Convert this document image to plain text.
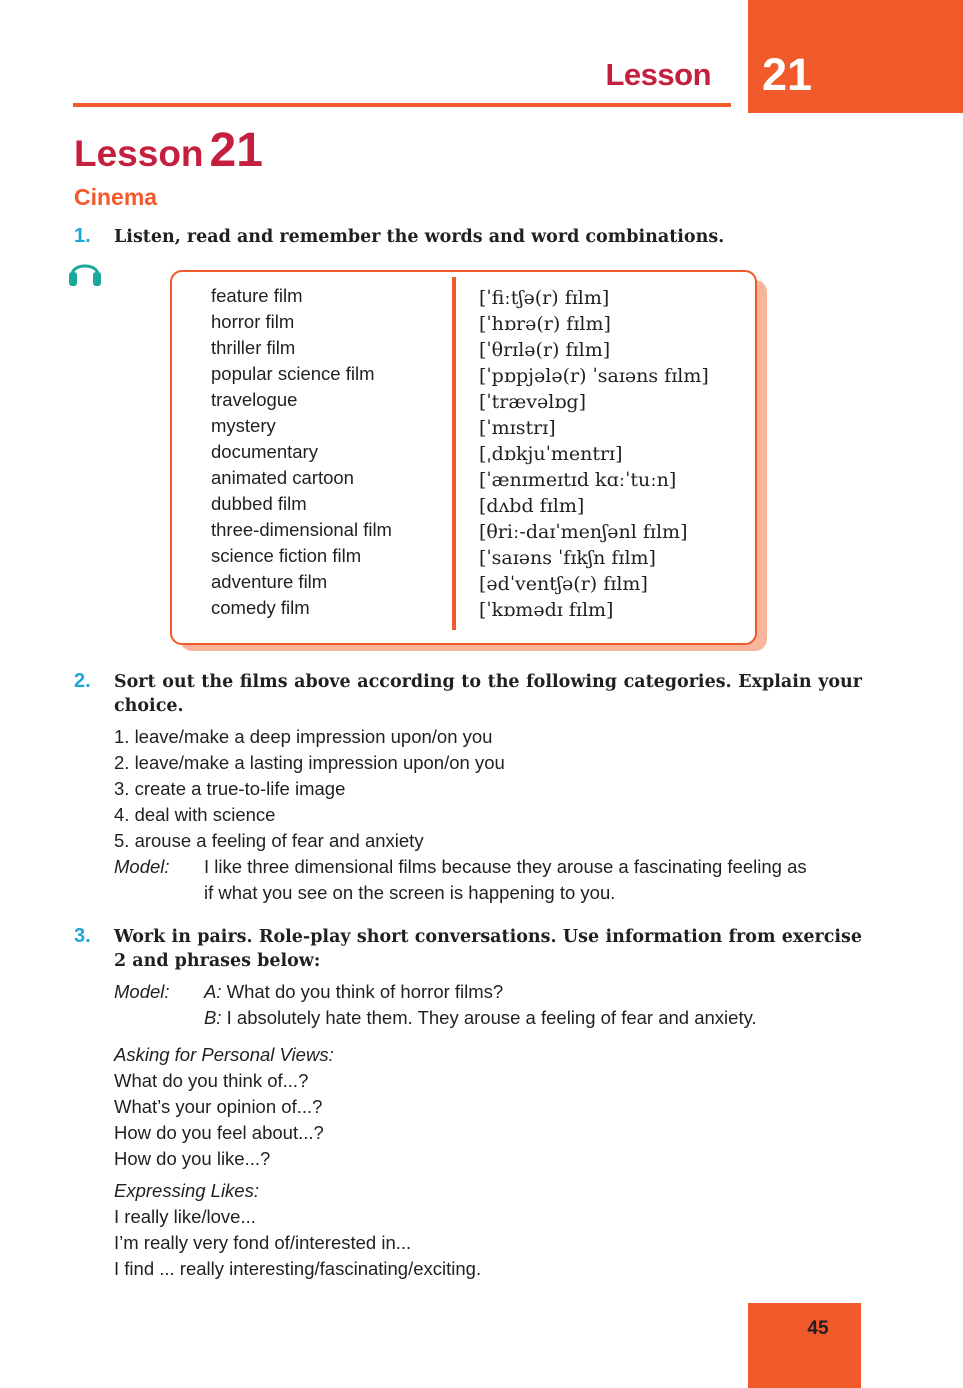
Lesson 21
Lesson 21
Cinema
1. Listen, read and remember the words and word combinations.
feature film
horror film
thriller film
popular science film
travelogue
mystery
documentary
animated cartoon
dubbed film
three-dimensional film
science fiction film
adventure film
comedy film
[ˈfiːtʃə(r) fɪlm]
[ˈhɒrə(r) fɪlm]
[ˈθrɪlə(r) fɪlm]
[ˈpɒpjələ(r) ˈsaɪəns fɪlm]
[ˈtrævəlɒg]
[ˈmɪstrɪ]
[ˌdɒkjuˈmentrɪ]
[ˈænɪmeɪtɪd kɑːˈtuːn]
[dʌbd fɪlm]
[θriː-daɪˈmenʃənl fɪlm]
[ˈsaɪəns ˈfɪkʃn fɪlm]
[ədˈventʃə(r) fɪlm]
[ˈkɒmədɪ fɪlm]
2. Sort out the films above according to the following categories. Explain your choice.
1. leave/make a deep impression upon/on you
2. leave/make a lasting impression upon/on you
3. create a true-to-life image
4. deal with science
5. arouse a feeling of fear and anxiety
Model: I like three dimensional films because they arouse a fascinating feeling as
if what you see on the screen is happening to you.
3. Work in pairs. Role-play short conversations. Use information from exercise 2 and phrases below:
Model: A: What do you think of horror films?
B: I absolutely hate them. They arouse a feeling of fear and anxiety.
Asking for Personal Views:
What do you think of...?
What’s your opinion of...?
How do you feel about...?
How do you like...?
Expressing Likes:
I really like/love...
I’m really very fond of/interested in...
I find ... really interesting/fascinating/exciting.
45
